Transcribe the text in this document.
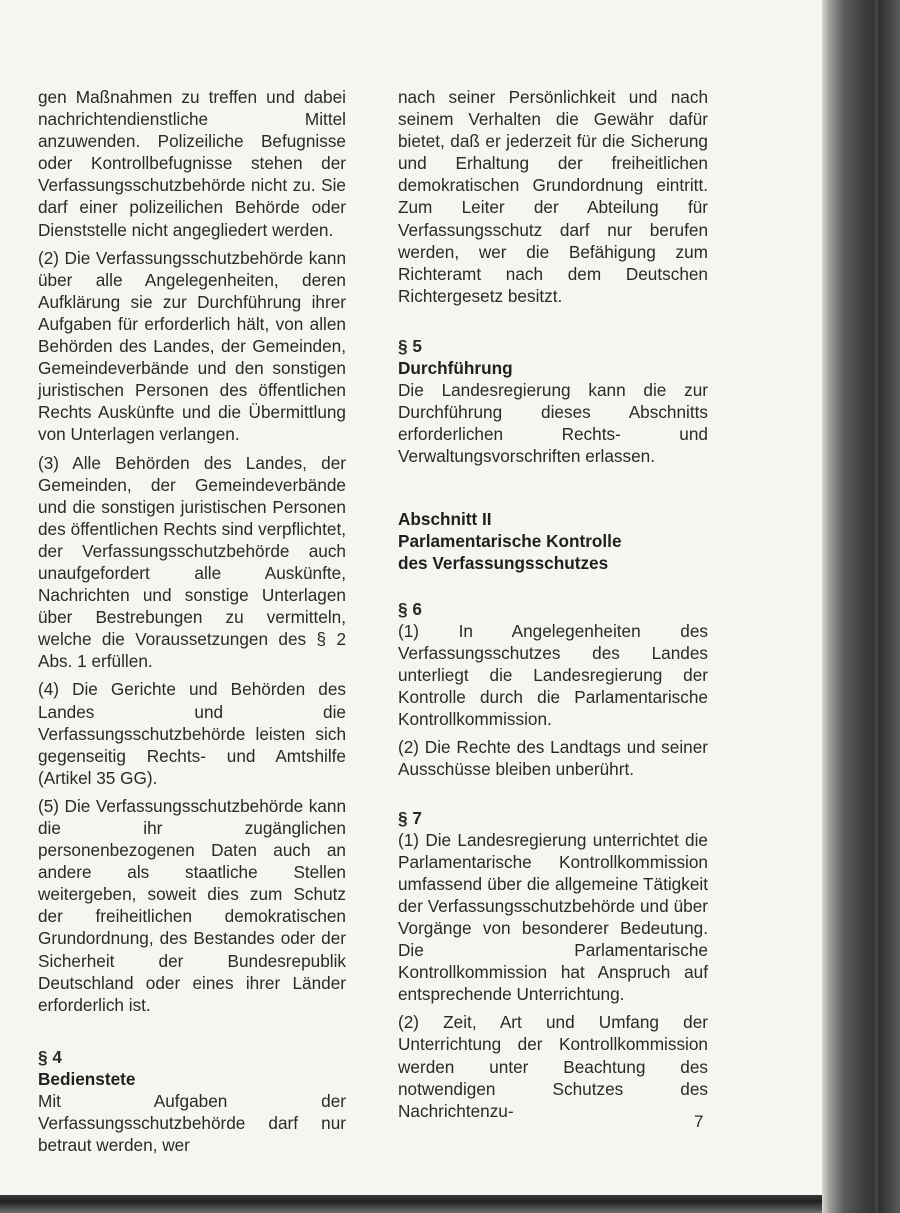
gen Maßnahmen zu treffen und dabei nachrichtendienstliche Mittel anzuwenden. Polizeiliche Befugnisse oder Kontrollbefugnisse stehen der Verfassungsschutzbehörde nicht zu. Sie darf einer polizeilichen Behörde oder Dienststelle nicht angegliedert werden.

(2) Die Verfassungsschutzbehörde kann über alle Angelegenheiten, deren Aufklärung sie zur Durchführung ihrer Aufgaben für erforderlich hält, von allen Behörden des Landes, der Gemeinden, Gemeindeverbände und den sonstigen juristischen Personen des öffentlichen Rechts Auskünfte und die Übermittlung von Unterlagen verlangen.

(3) Alle Behörden des Landes, der Gemeinden, der Gemeindeverbände und die sonstigen juristischen Personen des öffentlichen Rechts sind verpflichtet, der Verfassungsschutzbehörde auch unaufgefordert alle Auskünfte, Nachrichten und sonstige Unterlagen über Bestrebungen zu vermitteln, welche die Voraussetzungen des § 2 Abs. 1 erfüllen.

(4) Die Gerichte und Behörden des Landes und die Verfassungsschutzbehörde leisten sich gegenseitig Rechts- und Amtshilfe (Artikel 35 GG).

(5) Die Verfassungsschutzbehörde kann die ihr zugänglichen personenbezogenen Daten auch an andere als staatliche Stellen weitergeben, soweit dies zum Schutz der freiheitlichen demokratischen Grundordnung, des Bestandes oder der Sicherheit der Bundesrepublik Deutschland oder eines ihrer Länder erforderlich ist.

§ 4

Bedienstete

Mit Aufgaben der Verfassungsschutzbehörde darf nur betraut werden, wer

nach seiner Persönlichkeit und nach seinem Verhalten die Gewähr dafür bietet, daß er jederzeit für die Sicherung und Erhaltung der freiheitlichen demokratischen Grundordnung eintritt. Zum Leiter der Abteilung für Verfassungsschutz darf nur berufen werden, wer die Befähigung zum Richteramt nach dem Deutschen Richtergesetz besitzt.

§ 5

Durchführung

Die Landesregierung kann die zur Durchführung dieses Abschnitts erforderlichen Rechts- und Verwaltungsvorschriften erlassen.

Abschnitt II

Parlamentarische Kontrolle

des Verfassungsschutzes

§ 6

(1) In Angelegenheiten des Verfassungsschutzes des Landes unterliegt die Landesregierung der Kontrolle durch die Parlamentarische Kontrollkommission.

(2) Die Rechte des Landtags und seiner Ausschüsse bleiben unberührt.

§ 7

(1) Die Landesregierung unterrichtet die Parlamentarische Kontrollkommission umfassend über die allgemeine Tätigkeit der Verfassungsschutzbehörde und über Vorgänge von besonderer Bedeutung. Die Parlamentarische Kontrollkommission hat Anspruch auf entsprechende Unterrichtung.

(2) Zeit, Art und Umfang der Unterrichtung der Kontrollkommission werden unter Beachtung des notwendigen Schutzes des Nachrichtenzu-

7
